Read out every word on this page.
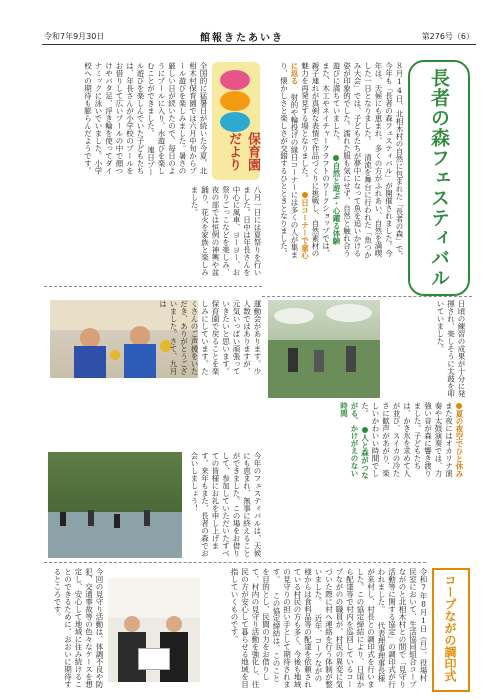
令和7年9月30日	館報きたあいき	第276号（6）
長者の森フェスティバル
８月14日、北相木村の自然に包まれた「長者の森」で、今年も「長者の森フェスティバル」が開催されました。今年は、天候にも恵まれ、多くの方がふれあい、自然を満喫した一日となりました。 清流を舞台に行われた「魚つかみ大会」では、子どもたちが夢中になって魚を追いかける姿が印象的でした。濡れた服も気にせず、自然と触れ合う遊びに満ちていました。 自然と遊ぶ・心躍る体験 また、木工やネイチャークラフトのワークショップでは、親子連れが真剣な表情で作品づくりに挑戦し、自然素材の魅力を再発見する場となりました。 日コーナーで童心に返る 射的や輪投げの縁日コーナーには多くの人が集まり、懐かしさと楽しさが交錯するひとときとなりました。
保育園だより
全国的に猛暑日が続いた今夏、北相木村保育園では六月中旬からプール遊びを楽しみました。暑さの厳しい日が続いたので、毎日のようにプールに入り、水遊びを楽しむことができました。 連日プール遊びを楽しんでいた子どもたちは、年長さんが小学校のプールをお借りして広いプールの中で顔つけやバタ足、浮き輪を使ってダイナミックに泳いでいました。小学校への期待も膨らんだようです。
八月一日には夏祭りを行いました。日中は年長さんを中心に風車、ヨーヨー、お祭りごっこなどを楽しみ、夜の部では恒例の神輿や盆踊り、花火を家族と楽しみました。
運動会があります。少人数ではありますが、元気いっぱい頑張っていきたいと思います。保育園で戻ることを楽しみにしています。たくさんのご声援をいただき、ありがとうございました。さて、九月は	日頃の練習の成果が十分に発揮され、楽しそうに太鼓を叩いていました。
夏の夜空でひと休み また夜にはオカリナ演奏や太鼓演奏では、力強い音が森に響き渡りました。子どもたちは、かき氷を求めて人が並び、スイカの冷たさに歓声があがり、楽しいかわいい時間でした。 人と森がつながる、かけがえのない時間
今年のフェスティバルは、天候にも恵まれ、無事に終えることができました。この場をお借りして、参加していただいたすべての皆様にお礼を申し上げます。来年もまた、長者の森でお会いしましょう！
コープながの調印式
令和7年8月1日（月）、役場村民室において、生活協同組合コープながのと北相木村との間で「見守り活動等に関する協定」の調印式が行われました。 代表理事理事長様が来村し、村長との調印式を行いました。この協定締結により、日頃から配達等で村内を巡回しているコープながのの職員が、村民の異変に気づいた際に村へ連絡を行う体制が整いました。 近年、コープながの様からは食料品等の配達を依頼されている村民の方も多く、今後も地域の見守りの担い手として期待されます。 この協定締結は、このことを目的とし、民間の力をお借りして、村内の見守り活動を強化し、住民の方が安心して暮らせる地域を目指していくものです。
今回の見守り活動は、体調不良や防犯、交通事故等の色々なケースを想定し、安心して地域に住み続けることのできるために、おおいに期待するところです。
